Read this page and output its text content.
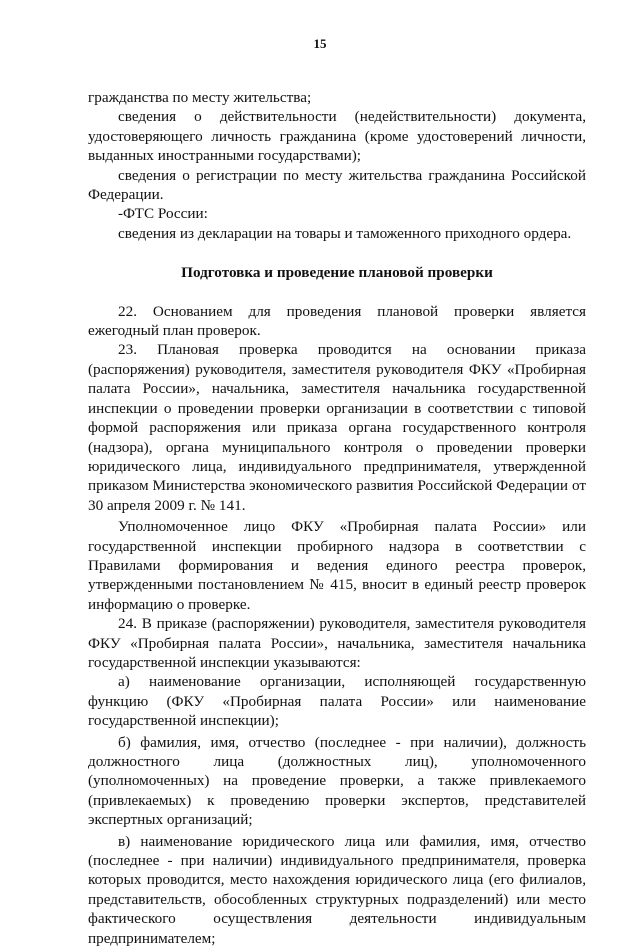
15

гражданства по месту жительства;

сведения о действительности (недействительности) документа, удостоверяющего личность гражданина (кроме удостоверений личности, выданных иностранными государствами);

сведения о регистрации по месту жительства гражданина Российской Федерации.

-ФТС России:

сведения из декларации на товары и таможенного приходного ордера.

Подготовка и проведение плановой проверки

22. Основанием для проведения плановой проверки является ежегодный план проверок.

23. Плановая проверка проводится на основании приказа (распоряжения) руководителя, заместителя руководителя ФКУ «Пробирная палата России», начальника, заместителя начальника государственной инспекции о проведении проверки организации в соответствии с типовой формой распоряжения или приказа органа государственного контроля (надзора), органа муниципального контроля о проведении проверки юридического лица, индивидуального предпринимателя, утвержденной приказом Министерства экономического развития Российской Федерации от 30 апреля 2009 г. № 141.

Уполномоченное лицо ФКУ «Пробирная палата России» или государственной инспекции пробирного надзора в соответствии с Правилами формирования и ведения единого реестра проверок, утвержденными постановлением № 415, вносит в единый реестр проверок информацию о проверке.

24. В приказе (распоряжении) руководителя, заместителя руководителя ФКУ «Пробирная палата России», начальника, заместителя начальника государственной инспекции указываются:

а) наименование организации, исполняющей государственную функцию (ФКУ «Пробирная палата России» или наименование государственной инспекции);

б) фамилия, имя, отчество (последнее - при наличии), должность должностного лица (должностных лиц), уполномоченного (уполномоченных) на проведение проверки, а также привлекаемого (привлекаемых) к проведению проверки экспертов, представителей экспертных организаций;

в) наименование юридического лица или фамилия, имя, отчество (последнее - при наличии) индивидуального предпринимателя, проверка которых проводится, место нахождения юридического лица (его филиалов, представительств, обособленных структурных подразделений) или место фактического осуществления деятельности индивидуальным предпринимателем;
